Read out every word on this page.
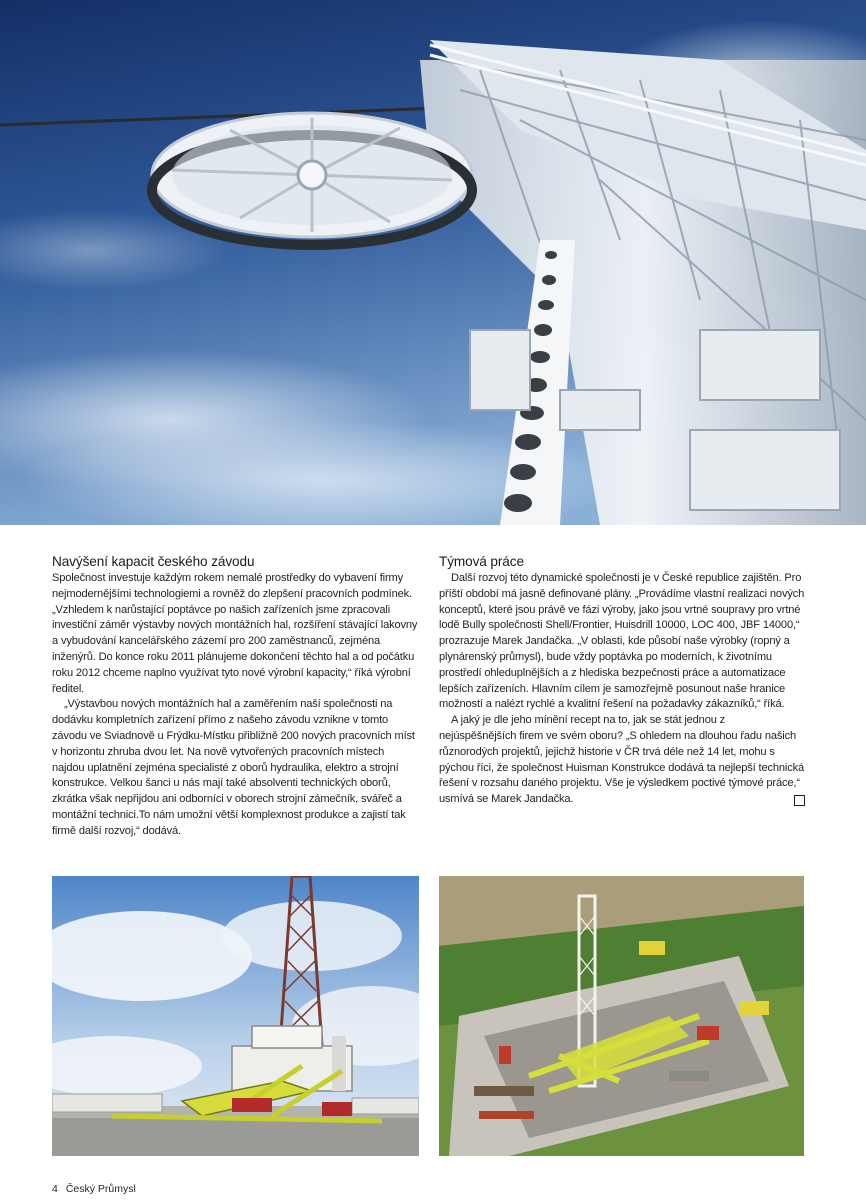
Navýšení kapacit českého závodu

Společnost investuje každým rokem nemalé prostředky do vybavení firmy nejmodernějšími technologiemi a rovněž do zlepšení pracovních podmínek. „Vzhledem k narůstající poptávce po našich zařízeních jsme zpracovali investiční záměr výstavby nových montážních hal, rozšíření stávající lakovny a vybudování kancelářského zázemí pro 200 zaměstnanců, zejména inženýrů. Do konce roku 2011 plánujeme dokončení těchto hal a od počátku roku 2012 chceme naplno využívat tyto nové výrobní kapacity,“ říká výrobní ředitel.

„Výstavbou nových montážních hal a zaměřením naší společnosti na dodávku kompletních zařízení přímo z našeho závodu vznikne v tomto závodu ve Sviadnově u Frýdku-Místku přibližně 200 nových pracovních míst v horizontu zhruba dvou let. Na nově vytvořených pracovních místech najdou uplatnění zejména specialisté z oborů hydraulika, elektro a strojní konstrukce. Velkou šanci u nás mají také absolventi technických oborů, zkrátka však nepřijdou ani odborníci v oborech strojní zámečník, svářeč a montážní technici.To nám umožní větší komplexnost produkce a zajistí tak firmě další rozvoj,“ dodává.

Týmová práce

Další rozvoj této dynamické společnosti je v České republice zajištěn. Pro příští období má jasně definované plány. „Provádíme vlastní realizaci nových konceptů, které jsou právě ve fázi výroby, jako jsou vrtné soupravy pro vrtné lodě Bully společnosti Shell/Frontier, Huisdrill 10000, LOC 400, JBF 14000,“ prozrazuje Marek Jandačka. „V oblasti, kde působí naše výrobky (ropný a plynárenský průmysl), bude vždy poptávka po moderních, k životnímu prostředí ohleduplnějších a z hlediska bezpečnosti práce a automatizace lepších zařízeních. Hlavním cílem je samozřejmě posunout naše hranice možností a nalézt rychlé a kvalitní řešení na požadavky zákazníků,“ říká.

A jaký je dle jeho mínění recept na to, jak se stát jednou z nejúspěšnějších firem ve svém oboru? „S ohledem na dlouhou řadu našich různorodých projektů, jejichž historie v ČR trvá déle než 14 let, mohu s pýchou říci, že společnost Huisman Konstrukce dodává ta nejlepší technická řešení v rozsahu daného projektu. Vše je výsledkem poctivé týmové práce,“ usmívá se Marek Jandačka.

4 Český Průmysl
